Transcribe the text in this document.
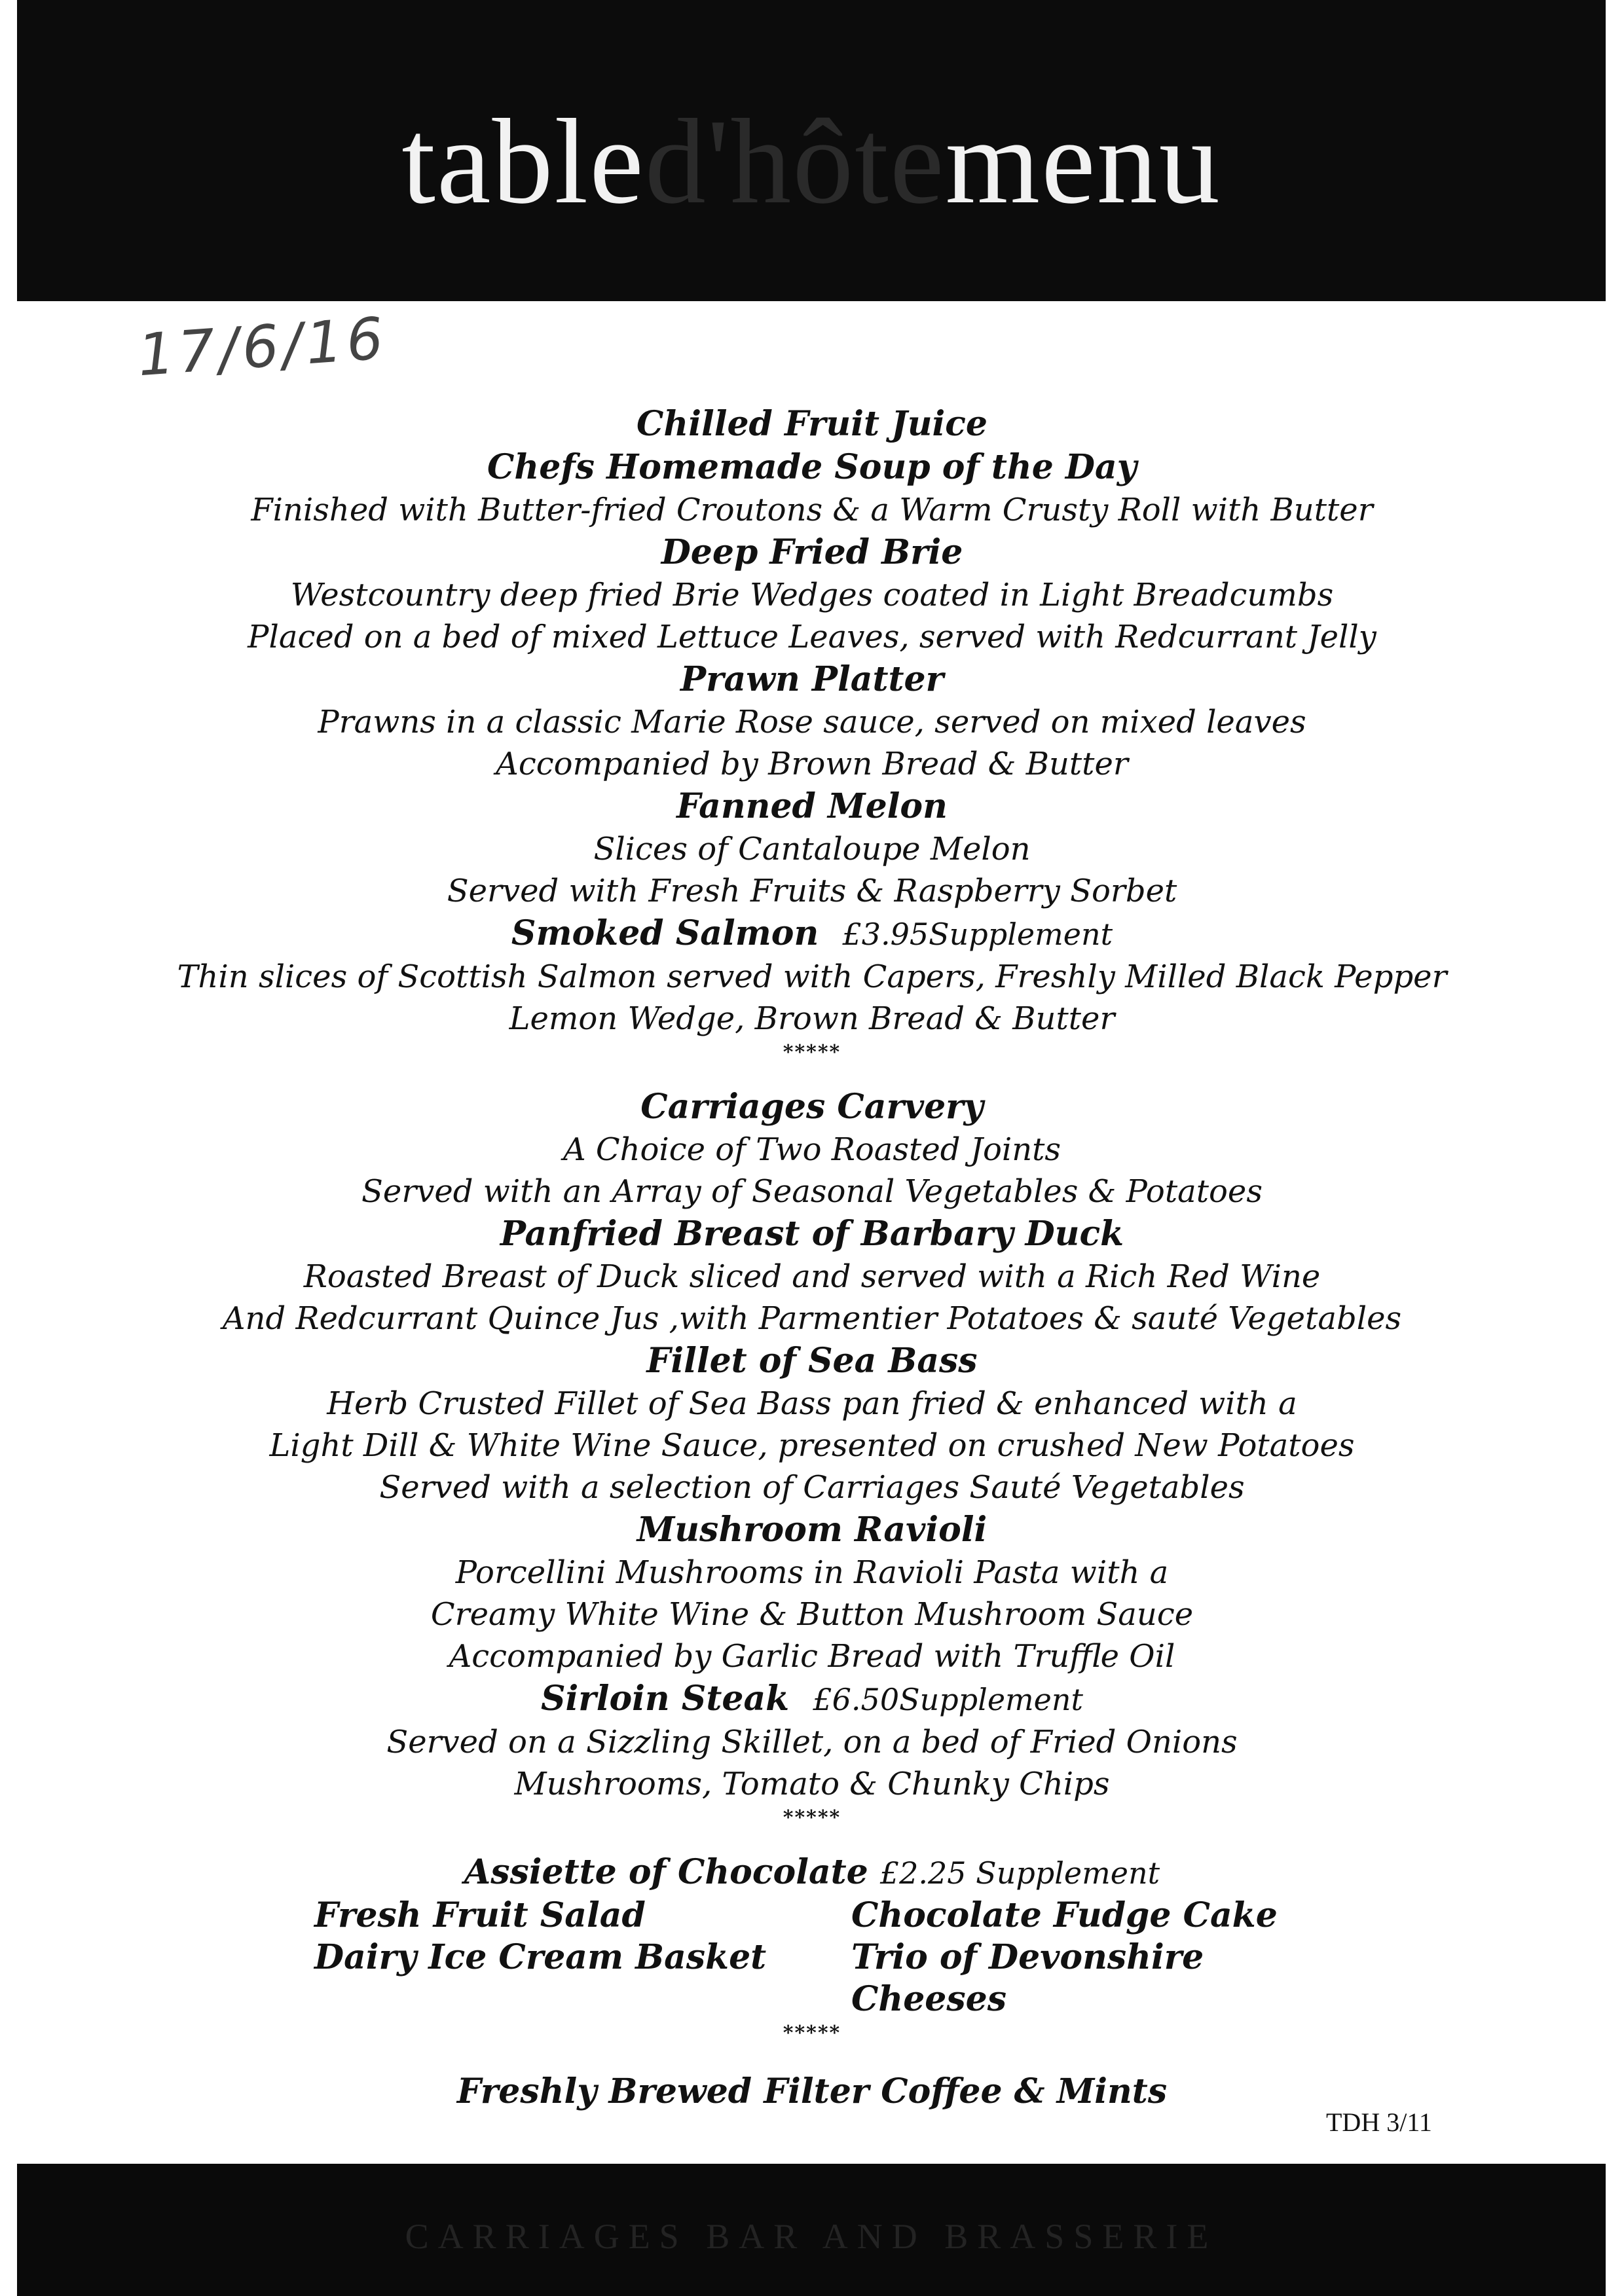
tabled'hôtemenu
17/6/16
Chilled Fruit Juice
Chefs Homemade Soup of the Day
Finished with Butter-fried Croutons & a Warm Crusty Roll with Butter
Deep Fried Brie
Westcountry deep fried Brie Wedges coated in Light Breadcumbs
Placed on a bed of mixed Lettuce Leaves, served with Redcurrant Jelly
Prawn Platter
Prawns in a classic Marie Rose sauce, served on mixed leaves
Accompanied by Brown Bread & Butter
Fanned Melon
Slices of Cantaloupe Melon
Served with Fresh Fruits & Raspberry Sorbet
Smoked Salmon £3.95Supplement
Thin slices of Scottish Salmon served with Capers, Freshly Milled Black Pepper
Lemon Wedge, Brown Bread & Butter
*****
Carriages Carvery
A Choice of Two Roasted Joints
Served with an Array of Seasonal Vegetables & Potatoes
Panfried Breast of Barbary Duck
Roasted Breast of Duck sliced and served with a Rich Red Wine
And Redcurrant Quince Jus ,with Parmentier Potatoes & sauté Vegetables
Fillet of Sea Bass
Herb Crusted Fillet of Sea Bass pan fried & enhanced with a
Light Dill & White Wine Sauce, presented on crushed New Potatoes
Served with a selection of Carriages Sauté Vegetables
Mushroom Ravioli
Porcellini Mushrooms in Ravioli Pasta with a
Creamy White Wine & Button Mushroom Sauce
Accompanied by Garlic Bread with Truffle Oil
Sirloin Steak £6.50Supplement
Served on a Sizzling Skillet, on a bed of Fried Onions
Mushrooms, Tomato & Chunky Chips
*****
Assiette of Chocolate £2.25 Supplement
Fresh Fruit Salad	Chocolate Fudge Cake
Dairy Ice Cream Basket Trio of Devonshire Cheeses
*****
Freshly Brewed Filter Coffee & Mints
TDH 3/11
CARRIAGES BAR AND BRASSERIE
